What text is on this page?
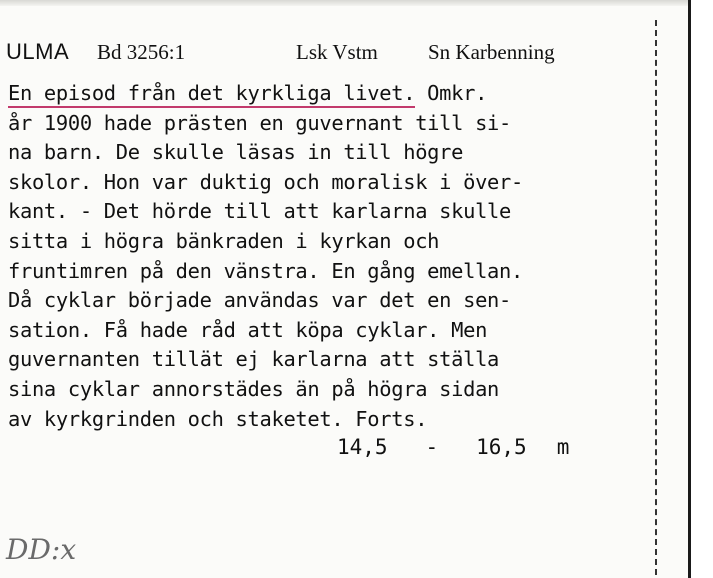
ULMA Bd 3256:1	Lsk Vstm Sn Karbenning
En episod från det kyrkliga livet. Omkr.
år 1900 hade prästen en guvernant till si-
na barn. De skulle läsas in till högre
skolor. Hon var duktig och moralisk i över-
kant. - Det hörde till att karlarna skulle
sitta i högra bänkraden i kyrkan och
fruntimren på den vänstra. En gång emellan.
Då cyklar började användas var det en sen-
sation. Få hade råd att köpa cyklar. Men
guvernanten tillät ej karlarna att ställa
sina cyklar annorstädes än på högra sidan
av kyrkgrinden och staketet. Forts.
14,5 - 16,5 m
DD:x
